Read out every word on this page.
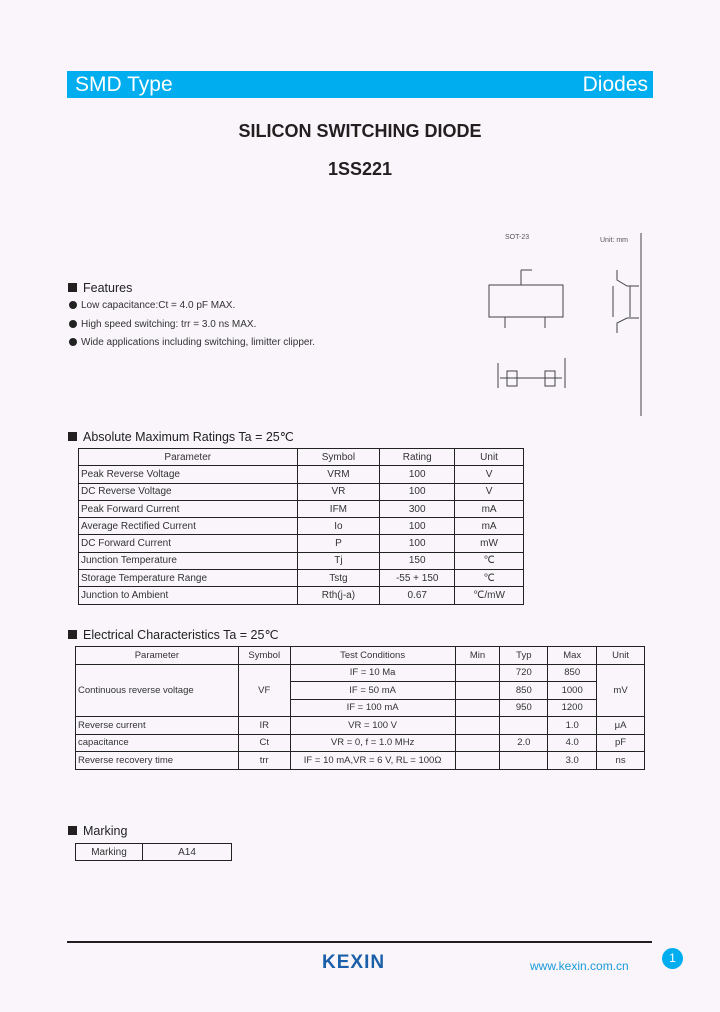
SMD Type	Diodes
SILICON SWITCHING DIODE
1SS221
Features
Low capacitance:Ct = 4.0 pF MAX.
High speed switching: trr = 3.0 ns MAX.
Wide applications including switching, limitter clipper.
SOT-23	Unit: mm
Absolute Maximum Ratings Ta = 25℃
Parameter	Symbol	Rating	Unit
Peak Reverse Voltage	VRM	100	V
DC Reverse Voltage	VR	100	V
Peak Forward Current	IFM	300	mA
Average Rectified Current	Io	100	mA
DC Forward Current	P	100	mW
Junction Temperature	Tj	150	℃
Storage Temperature Range	Tstg	-55 + 150	℃
Junction to Ambient	Rth(j-a)	0.67	℃/mW
Electrical Characteristics Ta = 25℃
Parameter	Symbol	Test Conditions	Min	Typ	Max	Unit
Continuous reverse voltage	VF	IF = 10 Ma		720	850	mV
		IF = 50 mA		850	1000	
		IF = 100 mA		950	1200	
Reverse current	IR	VR = 100 V			1.0	μA
capacitance	Ct	VR = 0, f = 1.0 MHz		2.0	4.0	pF
Reverse recovery time	trr	IF = 10 mA,VR = 6 V, RL = 100Ω			3.0	ns
Marking
Marking	A14
KEXIN	www.kexin.com.cn
1
